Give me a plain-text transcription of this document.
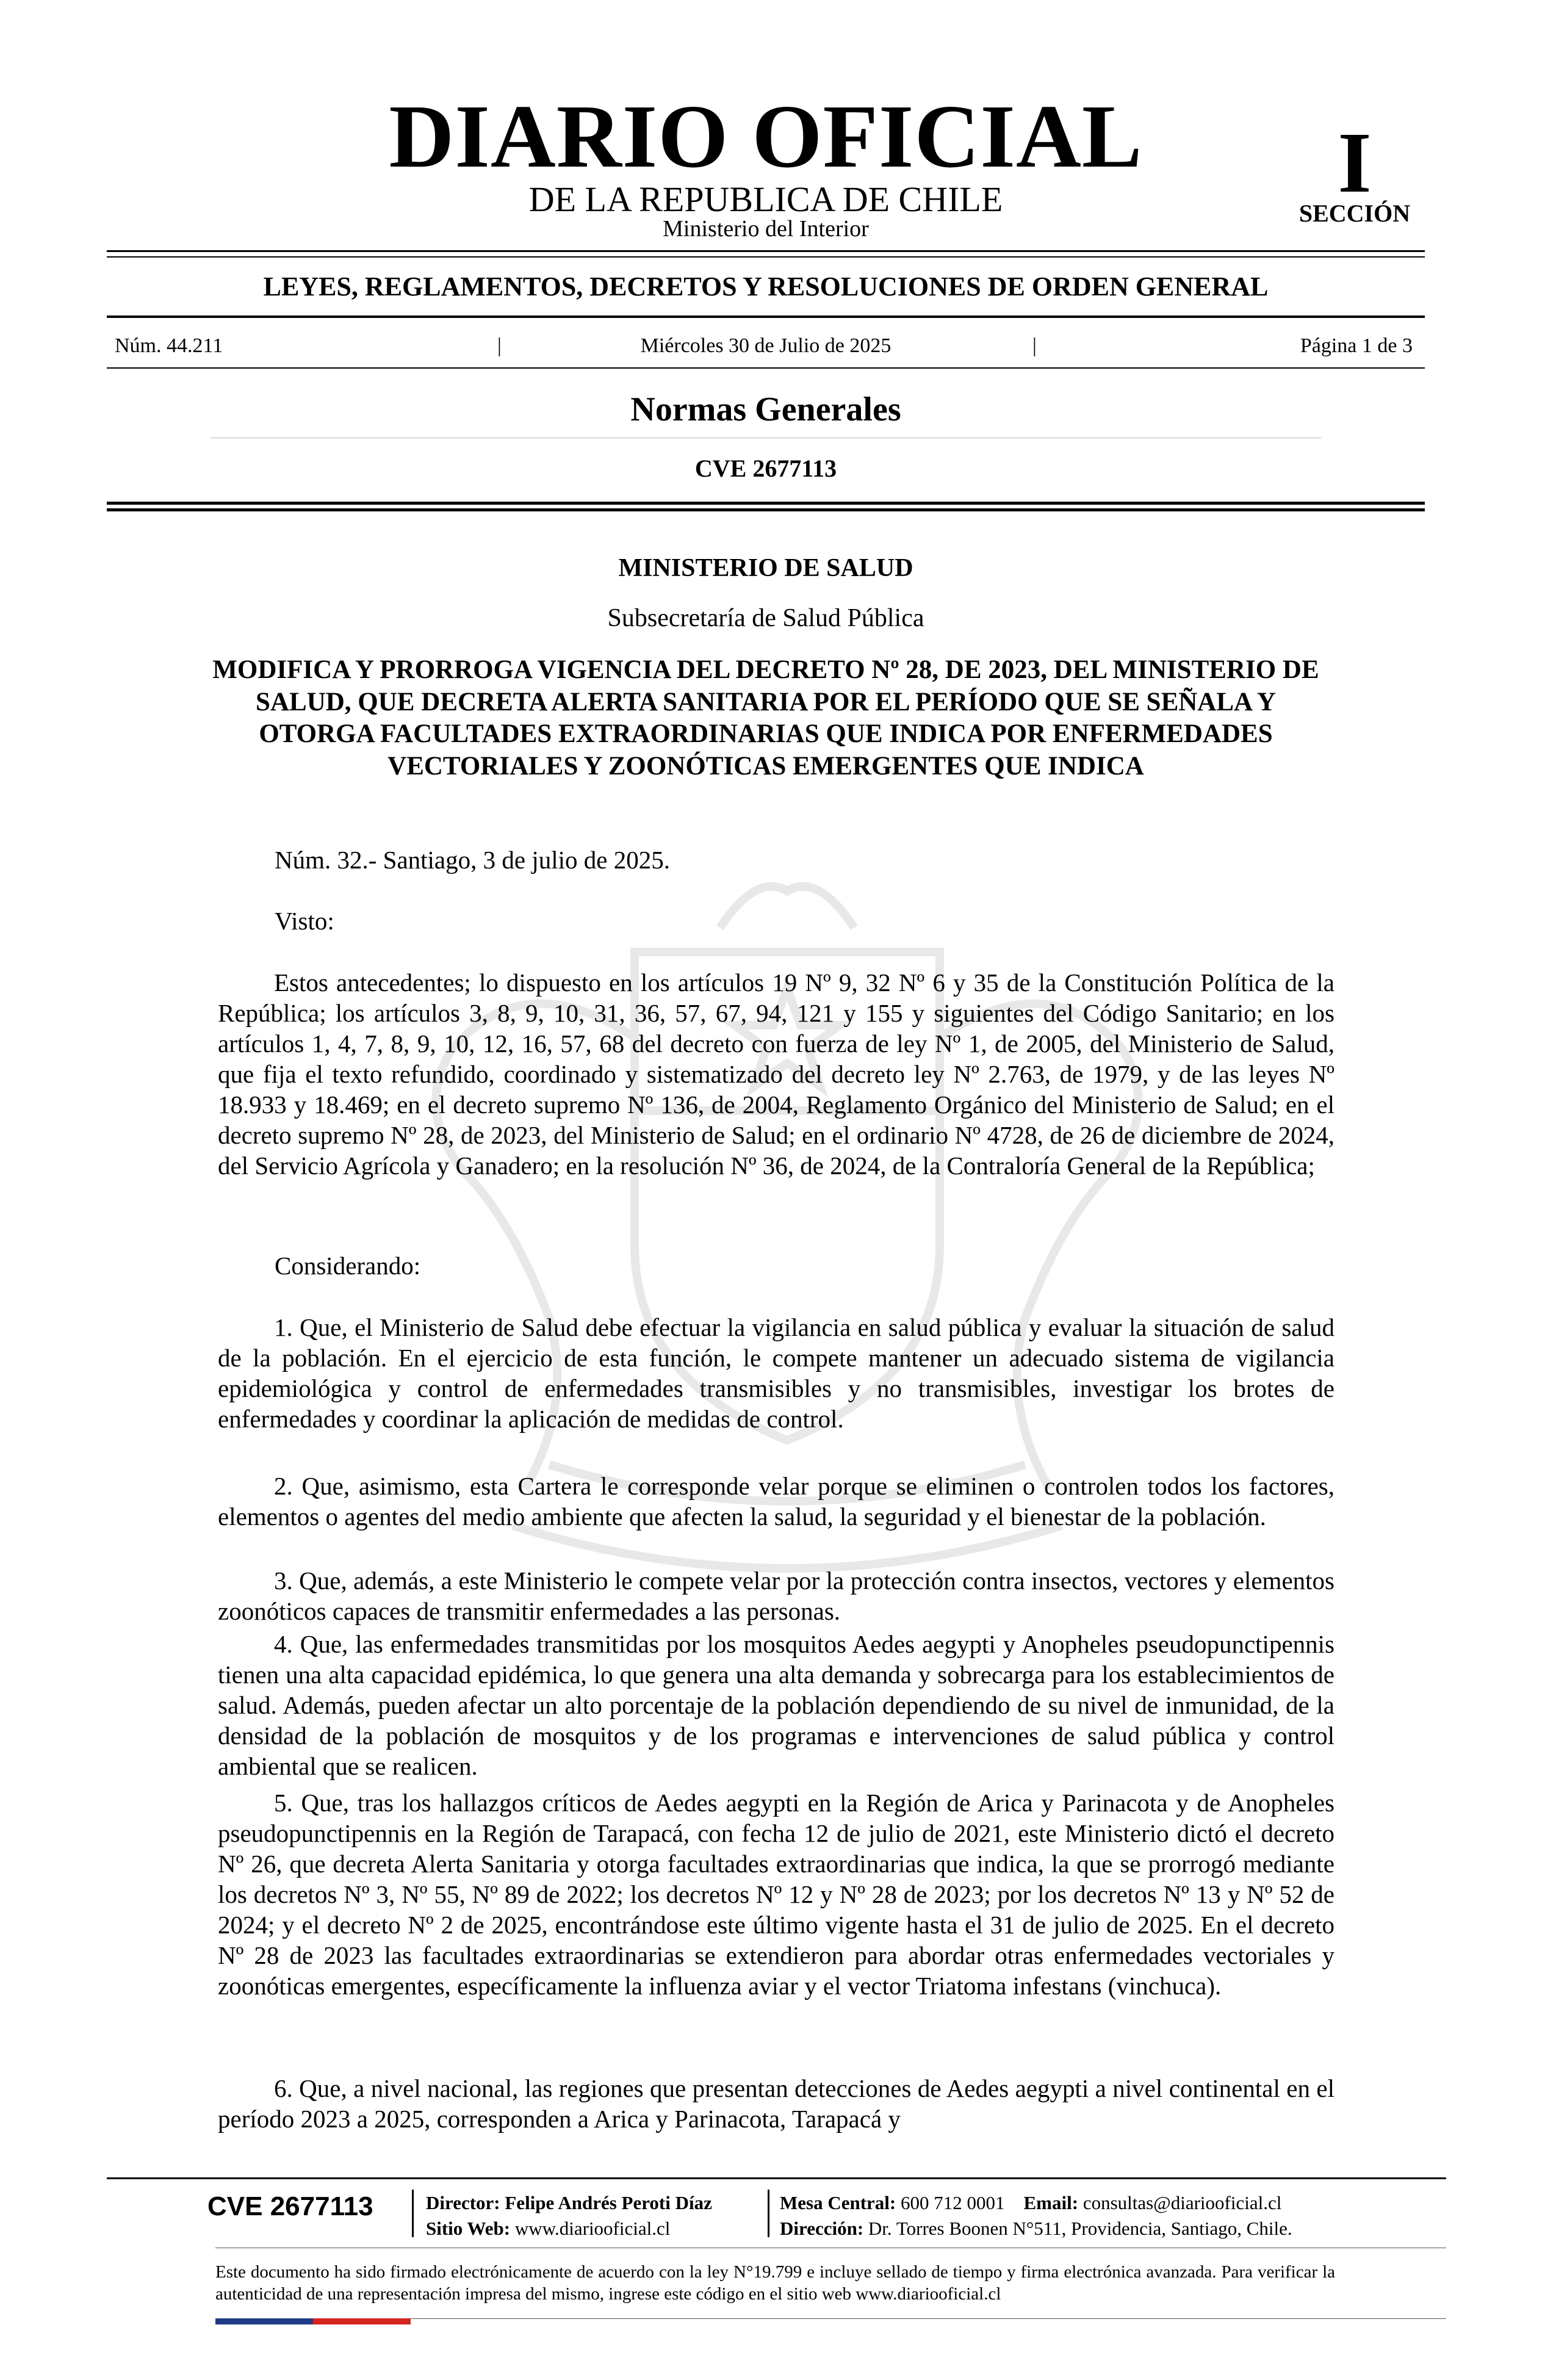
DIARIO OFICIAL
DE LA REPUBLICA DE CHILE
Ministerio del Interior
I
SECCIÓN
LEYES, REGLAMENTOS, DECRETOS Y RESOLUCIONES DE ORDEN GENERAL
Núm. 44.211	|	Miércoles 30 de Julio de 2025	|	Página 1 de 3
Normas Generales
CVE 2677113
MINISTERIO DE SALUD
Subsecretaría de Salud Pública
MODIFICA Y PRORROGA VIGENCIA DEL DECRETO Nº 28, DE 2023, DEL MINISTERIO DE SALUD, QUE DECRETA ALERTA SANITARIA POR EL PERÍODO QUE SE SEÑALA Y OTORGA FACULTADES EXTRAORDINARIAS QUE INDICA POR ENFERMEDADES VECTORIALES Y ZOONÓTICAS EMERGENTES QUE INDICA
Núm. 32.- Santiago, 3 de julio de 2025.
Visto:
Estos antecedentes; lo dispuesto en los artículos 19 Nº 9, 32 Nº 6 y 35 de la Constitución Política de la República; los artículos 3, 8, 9, 10, 31, 36, 57, 67, 94, 121 y 155 y siguientes del Código Sanitario; en los artículos 1, 4, 7, 8, 9, 10, 12, 16, 57, 68 del decreto con fuerza de ley Nº 1, de 2005, del Ministerio de Salud, que fija el texto refundido, coordinado y sistematizado del decreto ley Nº 2.763, de 1979, y de las leyes Nº 18.933 y 18.469; en el decreto supremo Nº 136, de 2004, Reglamento Orgánico del Ministerio de Salud; en el decreto supremo Nº 28, de 2023, del Ministerio de Salud; en el ordinario Nº 4728, de 26 de diciembre de 2024, del Servicio Agrícola y Ganadero; en la resolución Nº 36, de 2024, de la Contraloría General de la República;
Considerando:
1. Que, el Ministerio de Salud debe efectuar la vigilancia en salud pública y evaluar la situación de salud de la población. En el ejercicio de esta función, le compete mantener un adecuado sistema de vigilancia epidemiológica y control de enfermedades transmisibles y no transmisibles, investigar los brotes de enfermedades y coordinar la aplicación de medidas de control.
2. Que, asimismo, esta Cartera le corresponde velar porque se eliminen o controlen todos los factores, elementos o agentes del medio ambiente que afecten la salud, la seguridad y el bienestar de la población.
3. Que, además, a este Ministerio le compete velar por la protección contra insectos, vectores y elementos zoonóticos capaces de transmitir enfermedades a las personas.
4. Que, las enfermedades transmitidas por los mosquitos Aedes aegypti y Anopheles pseudopunctipennis tienen una alta capacidad epidémica, lo que genera una alta demanda y sobrecarga para los establecimientos de salud. Además, pueden afectar un alto porcentaje de la población dependiendo de su nivel de inmunidad, de la densidad de la población de mosquitos y de los programas e intervenciones de salud pública y control ambiental que se realicen.
5. Que, tras los hallazgos críticos de Aedes aegypti en la Región de Arica y Parinacota y de Anopheles pseudopunctipennis en la Región de Tarapacá, con fecha 12 de julio de 2021, este Ministerio dictó el decreto Nº 26, que decreta Alerta Sanitaria y otorga facultades extraordinarias que indica, la que se prorrogó mediante los decretos Nº 3, Nº 55, Nº 89 de 2022; los decretos Nº 12 y Nº 28 de 2023; por los decretos Nº 13 y Nº 52 de 2024; y el decreto Nº 2 de 2025, encontrándose este último vigente hasta el 31 de julio de 2025. En el decreto Nº 28 de 2023 las facultades extraordinarias se extendieron para abordar otras enfermedades vectoriales y zoonóticas emergentes, específicamente la influenza aviar y el vector Triatoma infestans (vinchuca).
6. Que, a nivel nacional, las regiones que presentan detecciones de Aedes aegypti a nivel continental en el período 2023 a 2025, corresponden a Arica y Parinacota, Tarapacá y
CVE 2677113	Director: Felipe Andrés Peroti Díaz
Sitio Web: www.diariooficial.cl
Mesa Central: 600 712 0001 Email: consultas@diariooficial.cl
Dirección: Dr. Torres Boonen N°511, Providencia, Santiago, Chile.
Este documento ha sido firmado electrónicamente de acuerdo con la ley N°19.799 e incluye sellado de tiempo y firma electrónica avanzada. Para verificar la autenticidad de una representación impresa del mismo, ingrese este código en el sitio web www.diariooficial.cl
